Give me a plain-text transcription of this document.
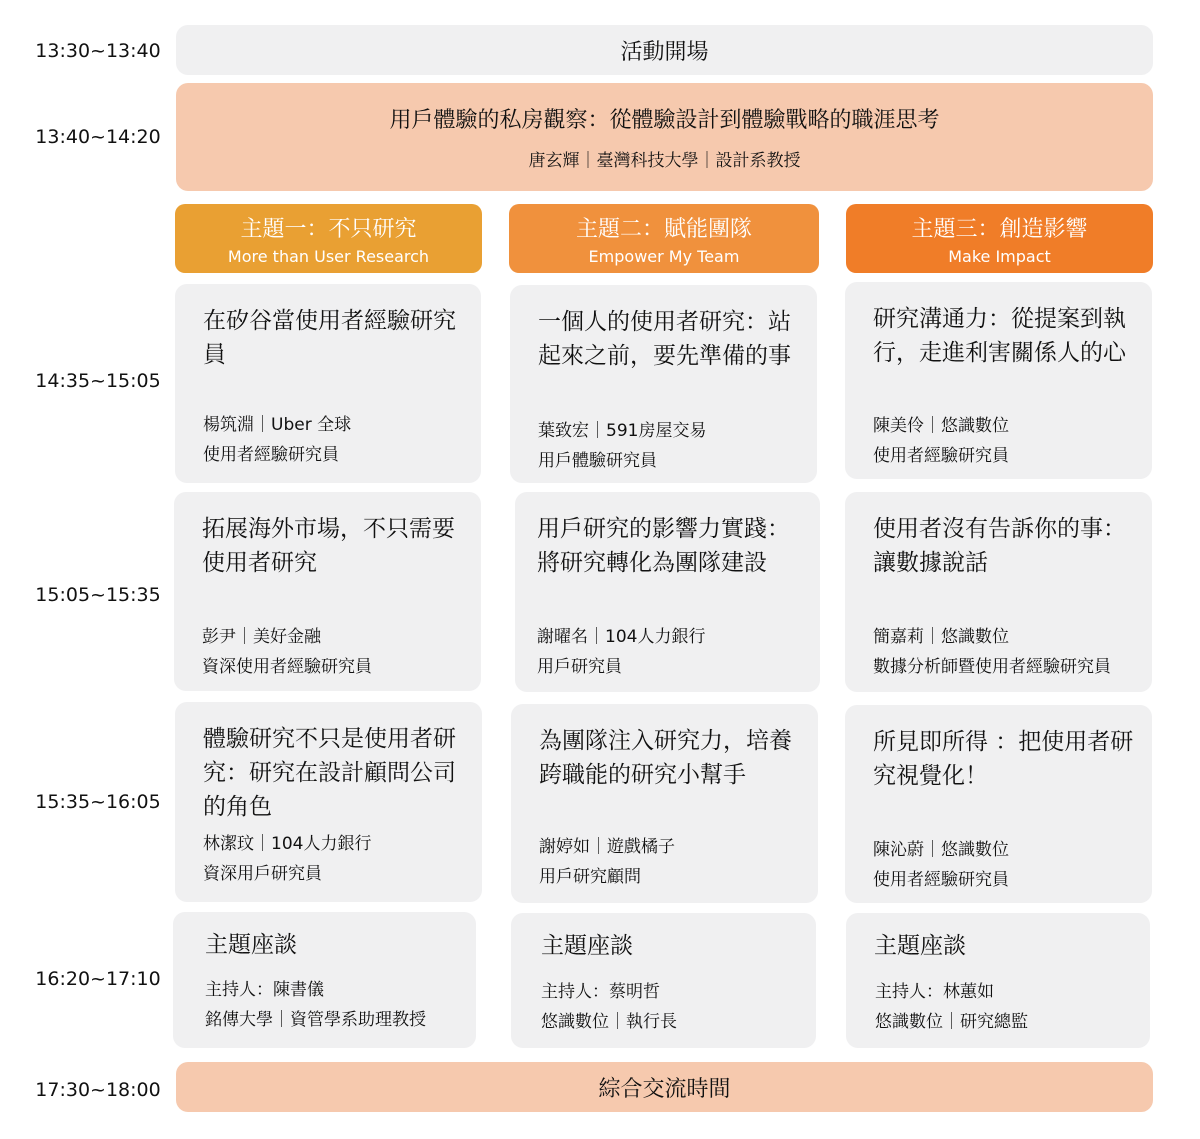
13:30~13:40	活動開場
13:40~14:20
用戶體驗的私房觀察：從體驗設計到體驗戰略的職涯思考
唐玄輝｜臺灣科技大學｜設計系教授
主題一：不只研究
More than User Research
主題二：賦能團隊
Empower My Team
主題三：創造影響
Make Impact
14:35~15:05
在矽谷當使用者經驗研究員
楊筑淵｜Uber 全球
使用者經驗研究員
一個人的使用者研究：站起來之前，要先準備的事
葉致宏｜591房屋交易
用戶體驗研究員
研究溝通力：從提案到執行，走進利害關係人的心
陳美伶｜悠識數位
使用者經驗研究員
15:05~15:35
拓展海外市場，不只需要使用者研究
彭尹｜美好金融
資深使用者經驗研究員
用戶研究的影響力實踐：將研究轉化為團隊建設
謝曜名｜104人力銀行
用戶研究員
使用者沒有告訴你的事：讓數據說話
簡嘉莉｜悠識數位
數據分析師暨使用者經驗研究員
15:35~16:05
體驗研究不只是使用者研究：研究在設計顧問公司的角色
林潔玟｜104人力銀行
資深用戶研究員
為團隊注入研究力，培養跨職能的研究小幫手
謝婷如｜遊戲橘子
用戶研究顧問
所見即所得 ：把使用者研究視覺化！
陳沁蔚｜悠識數位
使用者經驗研究員
16:20~17:10
主題座談
主持人：陳書儀
銘傳大學｜資管學系助理教授
主題座談
主持人：蔡明哲
悠識數位｜執行長
主題座談
主持人：林蕙如
悠識數位｜研究總監
17:30~18:00	綜合交流時間
